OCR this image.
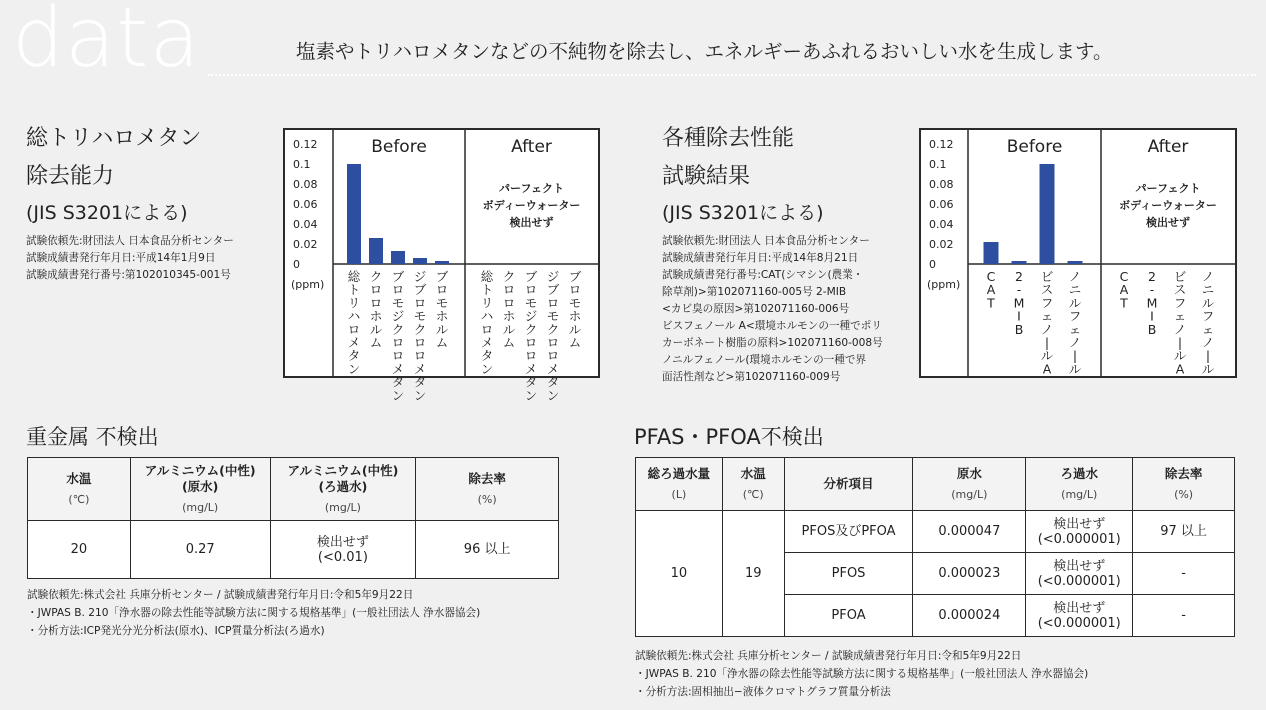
data	塩素やトリハロメタンなどの不純物を除去し、エネルギーあふれるおいしい水を生成します。
総トリハロメタン
除去能力
(JIS S3201による)
試験依頼先:財団法人 日本食品分析センター
試験成績書発行年月日:平成14年1月9日
試験成績書発行番号:第102010345-001号
0.12
0.1
0.08
0.06
0.04
0.02
0
(ppm)
Before	After
パーフェクト
ボディーウォーター
検出せず
総
ト
リ
ハ
ロ
メ
タ
ン
総
ト
リ
ハ
ロ
メ
タ
ン
ク
ロ
ロ
ホ
ル
ム
ク
ロ
ロ
ホ
ル
ム
ブ
ロ
モ
ジ
ク
ロ
ロ
メ
タ
ン
ブ
ロ
モ
ジ
ク
ロ
ロ
メ
タ
ン
ジ
ブ
ロ
モ
ク
ロ
ロ
メ
タ
ン
ジ
ブ
ロ
モ
ク
ロ
ロ
メ
タ
ン
ブ
ロ
モ
ホ
ル
ム
ブ
ロ
モ
ホ
ル
ム
各種除去性能
試験結果
(JIS S3201による)
試験依頼先:財団法人 日本食品分析センター
試験成績書発行年月日:平成14年8月21日
試験成績書発行番号:CAT(シマシン(農業・
除草剤)>第102071160-005号 2-MIB
<カビ臭の原因>第102071160-006号
ビスフェノール A<環境ホルモンの一種でポリ
カーボネート樹脂の原料>102071160-008号
ノニルフェノール(環境ホルモンの一種で界
面活性剤など>第102071160-009号
0.12
0.1
0.08
0.06
0.04
0.02
0
(ppm)
Before	After
パーフェクト
ボディーウォーター
検出せず
C
A
T
C
A
T
2
-
M
I
B
2
-
M
I
B
ビ
ス
フ
ェ
ノ
|
ル
A
ビ
ス
フ
ェ
ノ
|
ル
A
ノ
ニ
ル
フ
ェ
ノ
|
ル
ノ
ニ
ル
フ
ェ
ノ
|
ル
重金属 不検出
水温
(℃)	アルミニウム(中性)
(原水)
(mg/L)	アルミニウム(中性)
(ろ過水)
(mg/L)	除去率
(%)

20	0.27	検出せず
(<0.01)	96 以上
試験依頼先:株式会社 兵庫分析センター / 試験成績書発行年月日:令和5年9月22日
・JWPAS B. 210「浄水器の除去性能等試験方法に関する規格基準」(一般社団法人 浄水器協会)
・分析方法:ICP発光分光分析法(原水)、ICP質量分析法(ろ過水)
PFAS・PFOA不検出
総ろ過水量
(L)	水温
(℃)	分析項目	原水
(mg/L)	ろ過水
(mg/L)	除去率
(%)

10	19	PFOS及びPFOA	0.000047	検出せず
(<0.000001)	97 以上
		PFOS	0.000023	検出せず
(<0.000001)	-
		PFOA	0.000024	検出せず
(<0.000001)	-
試験依頼先:株式会社 兵庫分析センター / 試験成績書発行年月日:令和5年9月22日
・JWPAS B. 210「浄水器の除去性能等試験方法に関する規格基準」(一般社団法人 浄水器協会)
・分析方法:固相抽出−液体クロマトグラフ質量分析法
